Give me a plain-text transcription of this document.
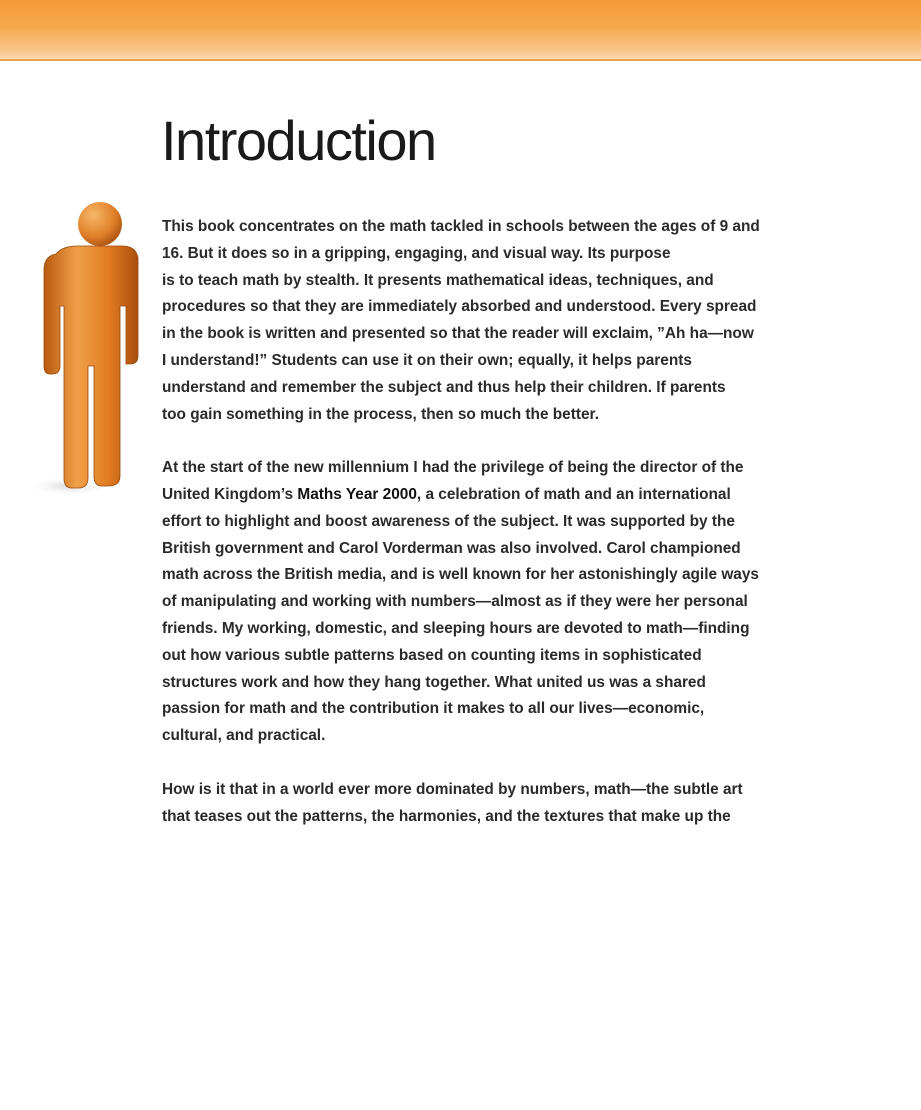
Introduction

This book concentrates on the math tackled in schools between the ages of 9 and
16. But it does so in a gripping, engaging, and visual way. Its purpose
is to teach math by stealth. It presents mathematical ideas, techniques, and
procedures so that they are immediately absorbed and understood. Every spread
in the book is written and presented so that the reader will exclaim, ”Ah ha—now
I understand!” Students can use it on their own; equally, it helps parents
understand and remember the subject and thus help their children. If parents
too gain something in the process, then so much the better.

At the start of the new millennium I had the privilege of being the director of the
United Kingdom’s Maths Year 2000, a celebration of math and an international
effort to highlight and boost awareness of the subject. It was supported by the
British government and Carol Vorderman was also involved. Carol championed
math across the British media, and is well known for her astonishingly agile ways
of manipulating and working with numbers—almost as if they were her personal
friends. My working, domestic, and sleeping hours are devoted to math—finding
out how various subtle patterns based on counting items in sophisticated
structures work and how they hang together. What united us was a shared
passion for math and the contribution it makes to all our lives—economic,
cultural, and practical.

How is it that in a world ever more dominated by numbers, math—the subtle art
that teases out the patterns, the harmonies, and the textures that make up the
